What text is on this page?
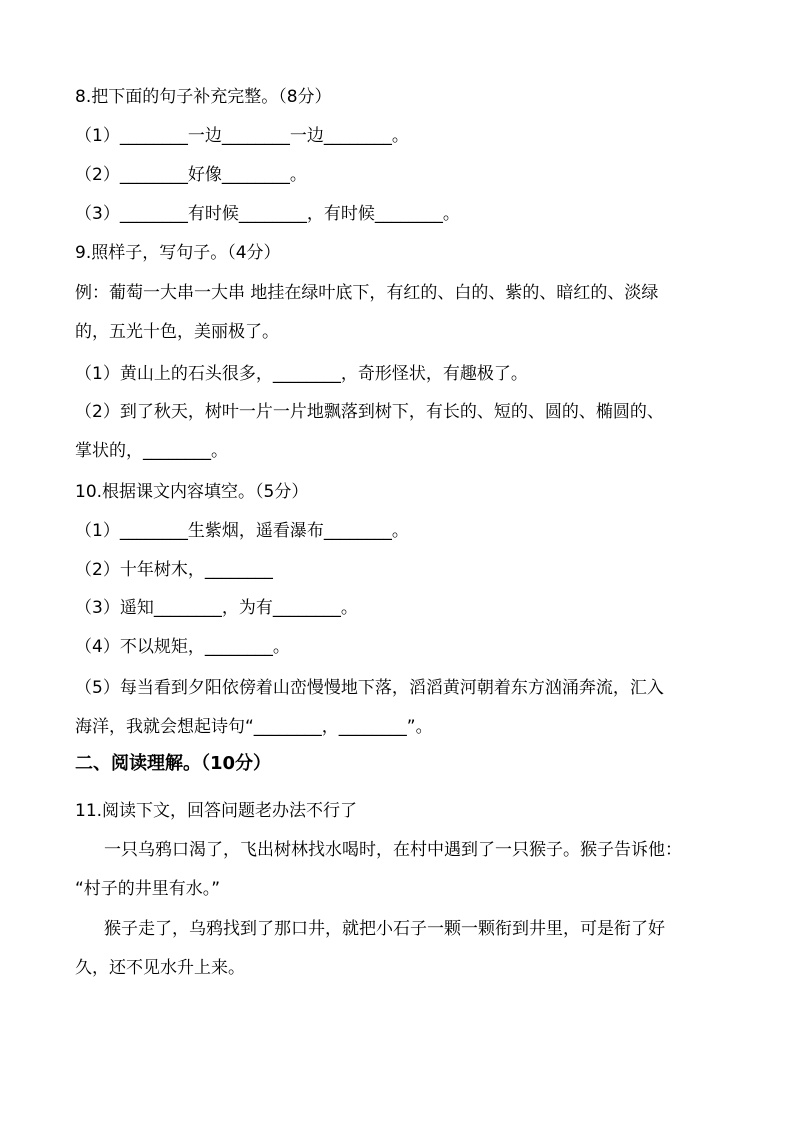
8.把下面的句子补充完整。（8分）
（1）________一边________一边________。
（2）________好像________。
（3）________有时候________，有时候________。
9.照样子，写句子。（4分）
例：葡萄一大串一大串 地挂在绿叶底下，有红的、白的、紫的、暗红的、淡绿
的，五光十色，美丽极了。
（1）黄山上的石头很多，________，奇形怪状，有趣极了。
（2）到了秋天，树叶一片一片地飘落到树下，有长的、短的、圆的、椭圆的、
掌状的，________。
10.根据课文内容填空。（5分）
（1）________生紫烟，遥看瀑布________。
（2）十年树木，________
（3）遥知________，为有________。
（4）不以规矩，________。
（5）每当看到夕阳依傍着山峦慢慢地下落，滔滔黄河朝着东方汹涌奔流，汇入
海洋，我就会想起诗句“________，________”。
二、阅读理解。（10分）
11.阅读下文，回答问题老办法不行了
一只乌鸦口渴了，飞出树林找水喝时，在村中遇到了一只猴子。猴子告诉他：
“村子的井里有水。”
猴子走了，乌鸦找到了那口井，就把小石子一颗一颗衔到井里，可是衔了好
久，还不见水升上来。
